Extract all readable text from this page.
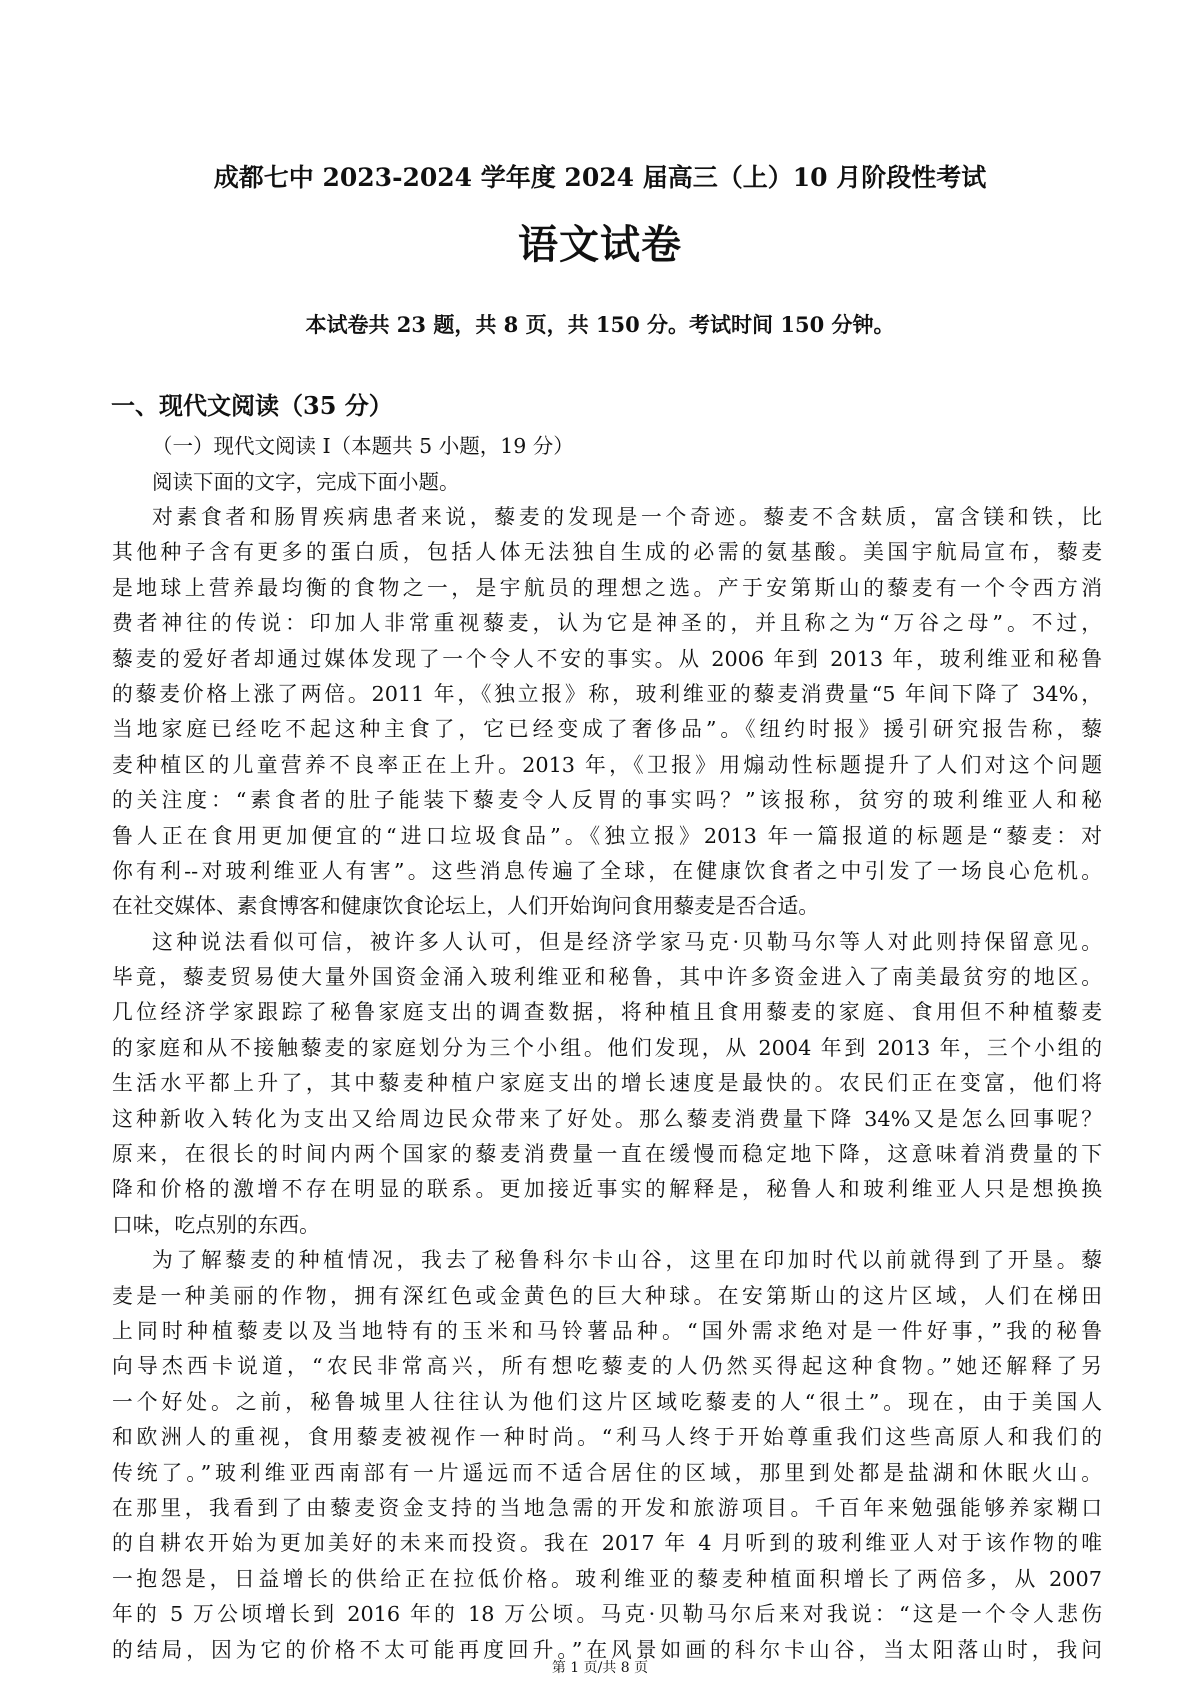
成都七中 2023-2024 学年度 2024 届高三（上）10 月阶段性考试
语文试卷
本试卷共 23 题，共 8 页，共 150 分。考试时间 150 分钟。
一、现代文阅读（35 分）
（一）现代文阅读 I（本题共 5 小题，19 分）
阅读下面的文字，完成下面小题。
对素食者和肠胃疾病患者来说，藜麦的发现是一个奇迹。藜麦不含麸质，富含镁和铁，比
其他种子含有更多的蛋白质，包括人体无法独自生成的必需的氨基酸。美国宇航局宣布，藜麦
是地球上营养最均衡的食物之一，是宇航员的理想之选。产于安第斯山的藜麦有一个令西方消
费者神往的传说：印加人非常重视藜麦，认为它是神圣的，并且称之为“万谷之母”。不过，
藜麦的爱好者却通过媒体发现了一个令人不安的事实。从 2006 年到 2013 年，玻利维亚和秘鲁
的藜麦价格上涨了两倍。2011 年，《独立报》称，玻利维亚的藜麦消费量“5 年间下降了 34%，
当地家庭已经吃不起这种主食了，它已经变成了奢侈品”。《纽约时报》援引研究报告称，藜
麦种植区的儿童营养不良率正在上升。2013 年，《卫报》用煽动性标题提升了人们对这个问题
的关注度：“素食者的肚子能装下藜麦令人反胃的事实吗？”该报称，贫穷的玻利维亚人和秘
鲁人正在食用更加便宜的“进口垃圾食品”。《独立报》2013 年一篇报道的标题是“藜麦：对
你有利--对玻利维亚人有害”。这些消息传遍了全球，在健康饮食者之中引发了一场良心危机。
在社交媒体、素食博客和健康饮食论坛上，人们开始询问食用藜麦是否合适。
这种说法看似可信，被许多人认可，但是经济学家马克·贝勒马尔等人对此则持保留意见。
毕竟，藜麦贸易使大量外国资金涌入玻利维亚和秘鲁，其中许多资金进入了南美最贫穷的地区。
几位经济学家跟踪了秘鲁家庭支出的调查数据，将种植且食用藜麦的家庭、食用但不种植藜麦
的家庭和从不接触藜麦的家庭划分为三个小组。他们发现，从 2004 年到 2013 年，三个小组的
生活水平都上升了，其中藜麦种植户家庭支出的增长速度是最快的。农民们正在变富，他们将
这种新收入转化为支出又给周边民众带来了好处。那么藜麦消费量下降 34%又是怎么回事呢？
原来，在很长的时间内两个国家的藜麦消费量一直在缓慢而稳定地下降，这意味着消费量的下
降和价格的激增不存在明显的联系。更加接近事实的解释是，秘鲁人和玻利维亚人只是想换换
口味，吃点别的东西。
为了解藜麦的种植情况，我去了秘鲁科尔卡山谷，这里在印加时代以前就得到了开垦。藜
麦是一种美丽的作物，拥有深红色或金黄色的巨大种球。在安第斯山的这片区域，人们在梯田
上同时种植藜麦以及当地特有的玉米和马铃薯品种。“国外需求绝对是一件好事，”我的秘鲁
向导杰西卡说道，“农民非常高兴，所有想吃藜麦的人仍然买得起这种食物。”她还解释了另
一个好处。之前，秘鲁城里人往往认为他们这片区域吃藜麦的人“很土”。现在，由于美国人
和欧洲人的重视，食用藜麦被视作一种时尚。“利马人终于开始尊重我们这些高原人和我们的
传统了。”玻利维亚西南部有一片遥远而不适合居住的区域，那里到处都是盐湖和休眠火山。
在那里，我看到了由藜麦资金支持的当地急需的开发和旅游项目。千百年来勉强能够养家糊口
的自耕农开始为更加美好的未来而投资。我在 2017 年 4 月听到的玻利维亚人对于该作物的唯
一抱怨是，日益增长的供给正在拉低价格。玻利维亚的藜麦种植面积增长了两倍多，从 2007
年的 5 万公顷增长到 2016 年的 18 万公顷。马克·贝勒马尔后来对我说：“这是一个令人悲伤
的结局，因为它的价格不太可能再度回升。”在风景如画的科尔卡山谷，当太阳落山时，我问
第 1 页/共 8 页
